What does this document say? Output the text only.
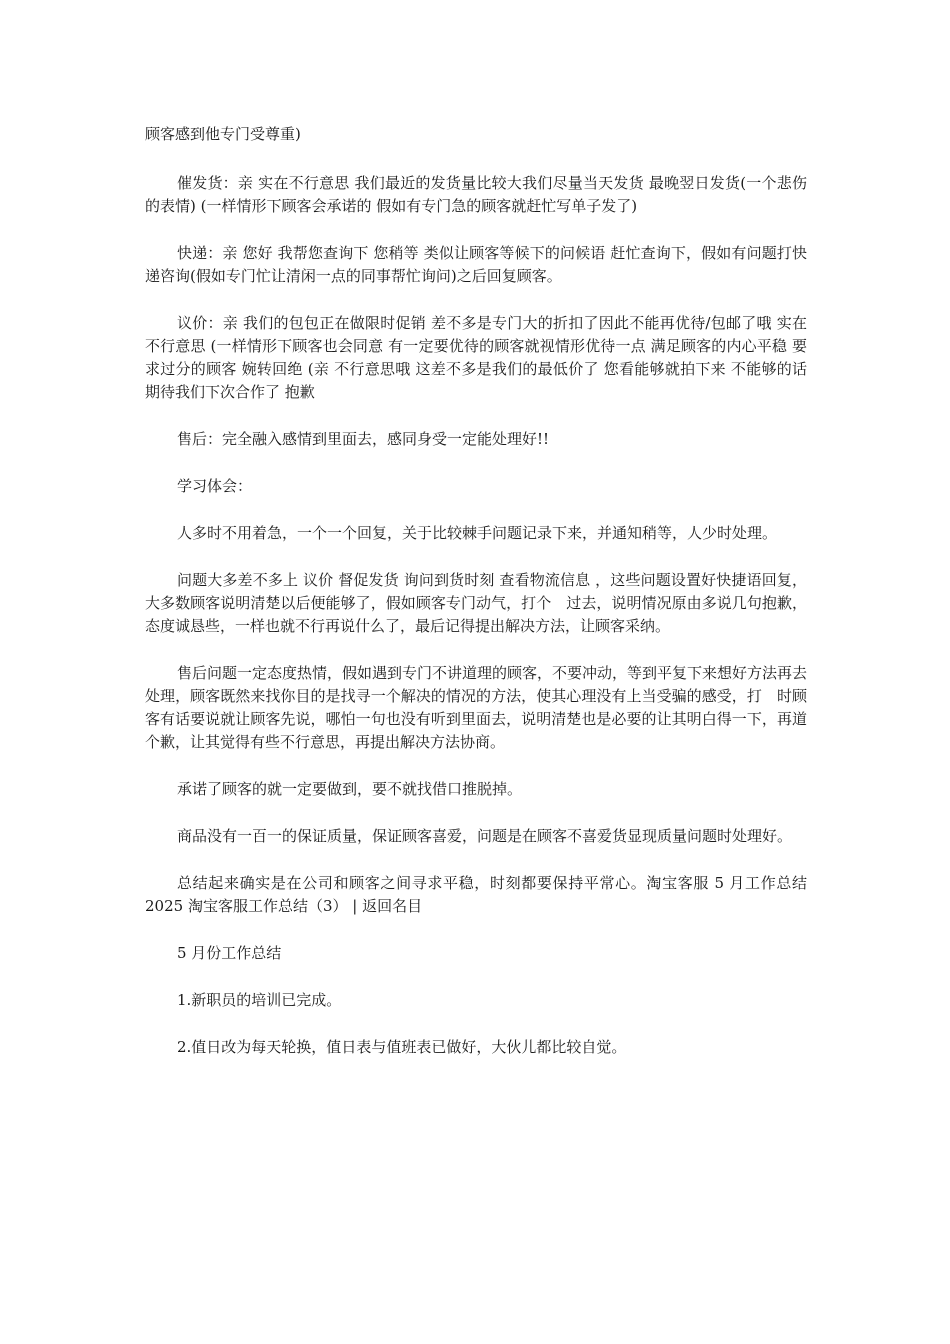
顾客感到他专门受尊重)

催发货：亲 实在不行意思 我们最近的发货量比较大我们尽量当天发货 最晚翌日发货(一个悲伤的表情) (一样情形下顾客会承诺的 假如有专门急的顾客就赶忙写单子发了)

快递：亲 您好 我帮您查询下 您稍等 类似让顾客等候下的问候语 赶忙查询下，假如有问题打快递咨询(假如专门忙让清闲一点的同事帮忙询问)之后回复顾客。

议价：亲 我们的包包正在做限时促销 差不多是专门大的折扣了因此不能再优待/包邮了哦 实在不行意思 (一样情形下顾客也会同意 有一定要优待的顾客就视情形优待一点 满足顾客的内心平稳 要求过分的顾客 婉转回绝 (亲 不行意思哦 这差不多是我们的最低价了 您看能够就拍下来 不能够的话 期待我们下次合作了 抱歉

售后：完全融入感情到里面去，感同身受一定能处理好!!

学习体会：

人多时不用着急，一个一个回复，关于比较棘手问题记录下来，并通知稍等，人少时处理。

问题大多差不多上 议价 督促发货 询问到货时刻 查看物流信息 ，这些问题设置好快捷语回复，大多数顾客说明清楚以后便能够了，假如顾客专门动气，打个　过去，说明情况原由多说几句抱歉，态度诚恳些，一样也就不行再说什么了，最后记得提出解决方法，让顾客采纳。

售后问题一定态度热情，假如遇到专门不讲道理的顾客，不要冲动，等到平复下来想好方法再去处理，顾客既然来找你目的是找寻一个解决的情况的方法，使其心理没有上当受骗的感受，打　时顾客有话要说就让顾客先说，哪怕一句也没有听到里面去，说明清楚也是必要的让其明白得一下，再道个歉，让其觉得有些不行意思，再提出解决方法协商。

承诺了顾客的就一定要做到，要不就找借口推脱掉。

商品没有一百一的保证质量，保证顾客喜爱，问题是在顾客不喜爱货显现质量问题时处理好。

总结起来确实是在公司和顾客之间寻求平稳，时刻都要保持平常心。淘宝客服 5 月工作总结 2025 淘宝客服工作总结（3） | 返回名目

5 月份工作总结

1.新职员的培训已完成。

2.值日改为每天轮换，值日表与值班表已做好，大伙儿都比较自觉。
